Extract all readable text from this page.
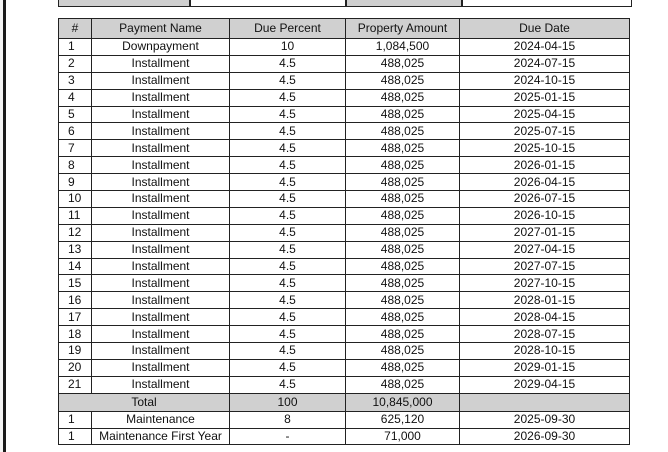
#	Payment Name	Due Percent	Property Amount	Due Date
1	Downpayment	10	1,084,500	2024-04-15
2	Installment	4.5	488,025	2024-07-15
3	Installment	4.5	488,025	2024-10-15
4	Installment	4.5	488,025	2025-01-15
5	Installment	4.5	488,025	2025-04-15
6	Installment	4.5	488,025	2025-07-15
7	Installment	4.5	488,025	2025-10-15
8	Installment	4.5	488,025	2026-01-15
9	Installment	4.5	488,025	2026-04-15
10	Installment	4.5	488,025	2026-07-15
11	Installment	4.5	488,025	2026-10-15
12	Installment	4.5	488,025	2027-01-15
13	Installment	4.5	488,025	2027-04-15
14	Installment	4.5	488,025	2027-07-15
15	Installment	4.5	488,025	2027-10-15
16	Installment	4.5	488,025	2028-01-15
17	Installment	4.5	488,025	2028-04-15
18	Installment	4.5	488,025	2028-07-15
19	Installment	4.5	488,025	2028-10-15
20	Installment	4.5	488,025	2029-01-15
21	Installment	4.5	488,025	2029-04-15
Total		100	10,845,000	
1	Maintenance	8	625,120	2025-09-30
1	Maintenance First Year	-	71,000	2026-09-30
